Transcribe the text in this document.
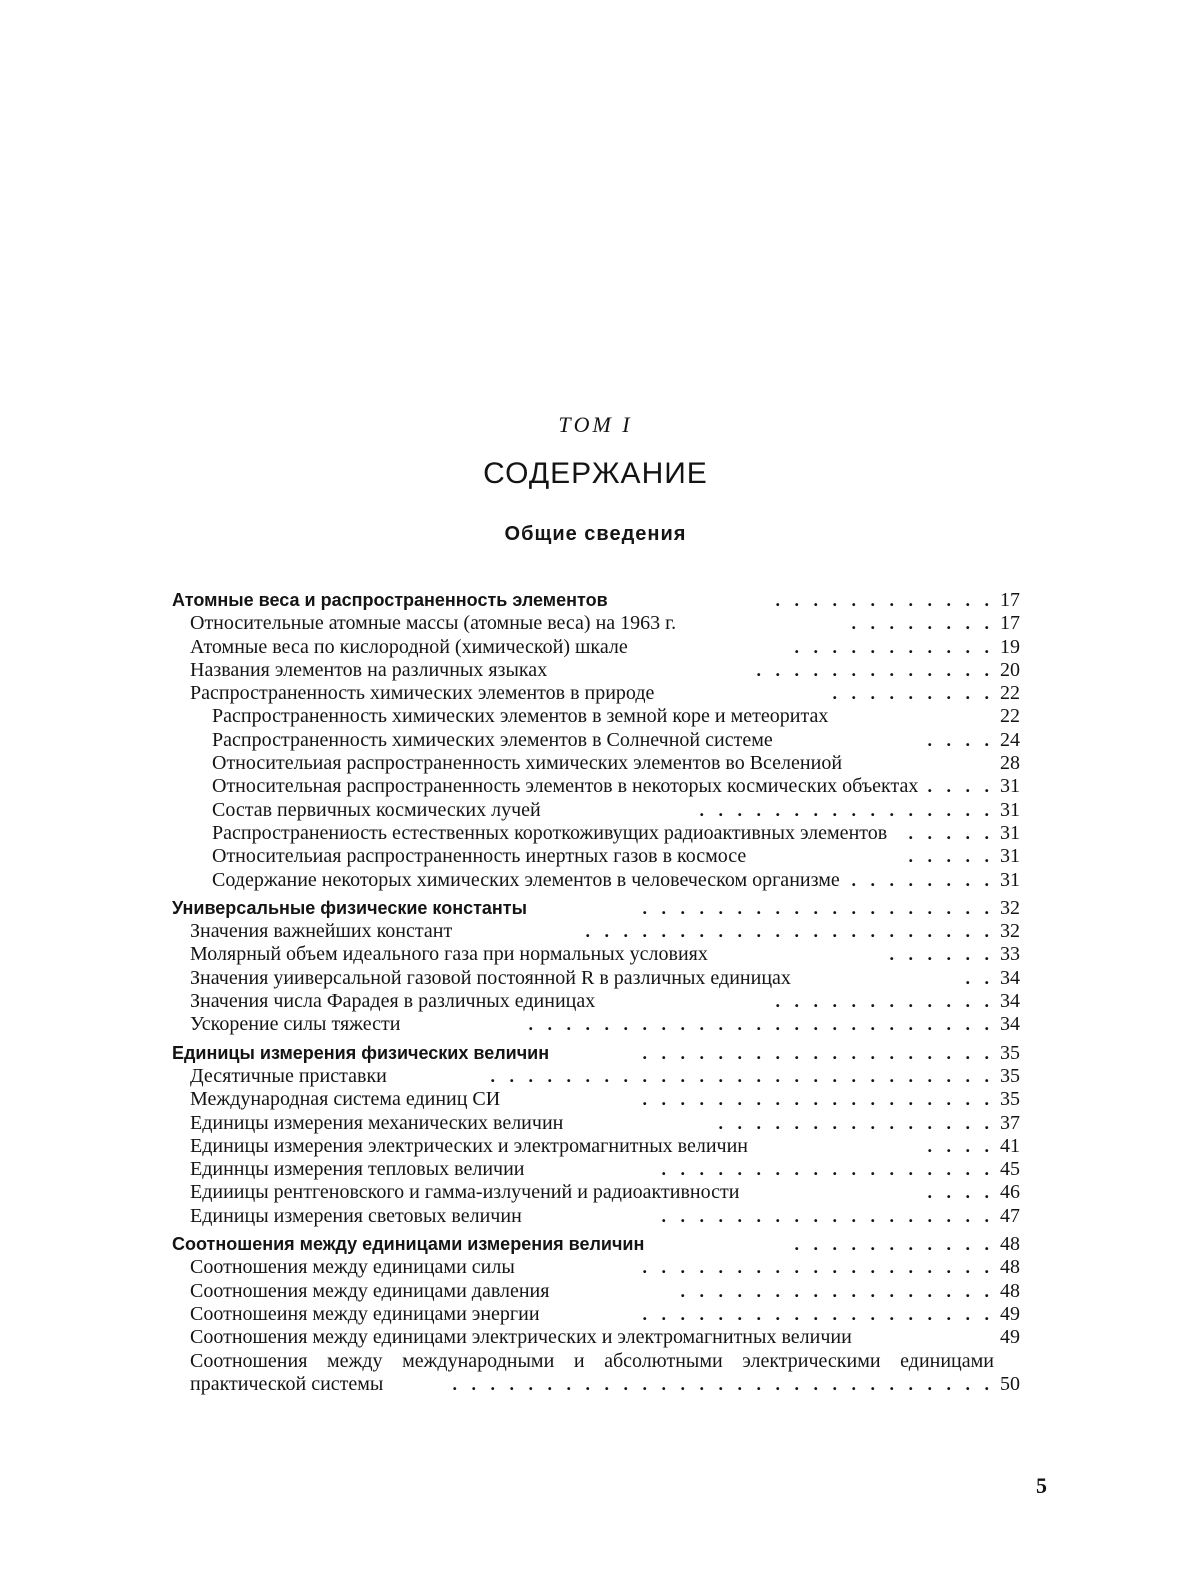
ТОМ I
СОДЕРЖАНИЕ
Общие сведения
Атомные веса и распространенность элементов	. . . . . . . . . . . . 17
Относительные атомные массы (атомные веса) на 1963 г.	. . . . . . . . 17
Атомные веса по кислородной (химической) шкале	. . . . . . . . . . . 19
Названия элементов на различных языках	. . . . . . . . . . . . . 20
Распространенность химических элементов в природе	. . . . . . . . . 22
Распространенность химических элементов в земной коре и метеоритах	22
Распространенность химических элементов в Солнечной системе	. . . . 24
Относительиая распространенность химических элементов во Вселениой	28
Относительная распространенность элементов в некоторых космических объектах . . . . 31
Состав первичных космических лучей	. . . . . . . . . . . . . . . . 31
Распространениость естественных короткоживущих радиоактивных элементов	. . . . . 31
Относительиая распространенность инертных газов в космосе	. . . . . 31
Содержание некоторых химических элементов в человеческом организме . . . . . . . . 31
Универсальные физические константы	. . . . . . . . . . . . . . . . . . . 32
Значения важнейших констант	. . . . . . . . . . . . . . . . . . . . . . 32
Молярный объем идеального газа при нормальных условиях	. . . . . . 33
Значения уииверсальной газовой постоянной R в различных единицах	. . 34
Значения числа Фарадея в различных единицах	. . . . . . . . . . . . 34
Ускорение силы тяжести	. . . . . . . . . . . . . . . . . . . . . . . . . 34
Единицы измерения физических величин	. . . . . . . . . . . . . . . . . . . 35
Десятичные приставки	. . . . . . . . . . . . . . . . . . . . . . . . . . . 35
Международная система единиц СИ	. . . . . . . . . . . . . . . . . . . 35
Единицы измерения механических величин	. . . . . . . . . . . . . . . 37
Единицы измерения электрических и электромагнитных величин	. . . . 41
Единнцы измерения тепловых величии	. . . . . . . . . . . . . . . . . . 45
Едииицы рентгеновского и гамма-излучений и радиоактивности	. . . . 46
Единицы измерения световых величин	. . . . . . . . . . . . . . . . . . 47
Соотношения между единицами измерения величин	. . . . . . . . . . . 48
Соотношения между единицами силы	. . . . . . . . . . . . . . . . . . . 48
Соотношения между единицами давления	. . . . . . . . . . . . . . . . . 48
Соотношеиня между единицами энергии	. . . . . . . . . . . . . . . . . . . 49
Соотношения между единицами электрических и электромагнитных величии	49
Соотношения между международными и абсолютными электрическими единицами практической системы	. . . . . . . . . . . . . . . . . . . . . . . . . . . . . 50
5
